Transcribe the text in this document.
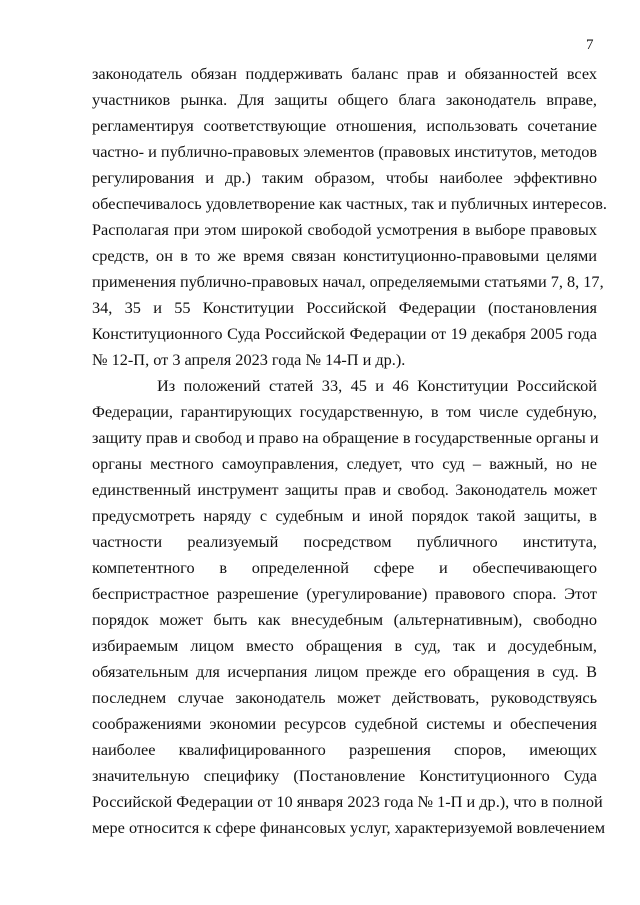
7
законодатель обязан поддерживать баланс прав и обязанностей всех
участников рынка. Для защиты общего блага законодатель вправе,
регламентируя соответствующие отношения, использовать сочетание
частно- и публично-правовых элементов (правовых институтов, методов
регулирования и др.) таким образом, чтобы наиболее эффективно
обеспечивалось удовлетворение как частных, так и публичных интересов.
Располагая при этом широкой свободой усмотрения в выборе правовых
средств, он в то же время связан конституционно-правовыми целями
применения публично-правовых начал, определяемыми статьями 7, 8, 17,
34, 35 и 55 Конституции Российской Федерации (постановления
Конституционного Суда Российской Федерации от 19 декабря 2005 года
№ 12-П, от 3 апреля 2023 года № 14-П и др.).
Из положений статей 33, 45 и 46 Конституции Российской
Федерации, гарантирующих государственную, в том числе судебную,
защиту прав и свобод и право на обращение в государственные органы и
органы местного самоуправления, следует, что суд – важный, но не
единственный инструмент защиты прав и свобод. Законодатель может
предусмотреть наряду с судебным и иной порядок такой защиты, в
частности реализуемый посредством публичного института,
компетентного в определенной сфере и обеспечивающего
беспристрастное разрешение (урегулирование) правового спора. Этот
порядок может быть как внесудебным (альтернативным), свободно
избираемым лицом вместо обращения в суд, так и досудебным,
обязательным для исчерпания лицом прежде его обращения в суд. В
последнем случае законодатель может действовать, руководствуясь
соображениями экономии ресурсов судебной системы и обеспечения
наиболее квалифицированного разрешения споров, имеющих
значительную специфику (Постановление Конституционного Суда
Российской Федерации от 10 января 2023 года № 1-П и др.), что в полной
мере относится к сфере финансовых услуг, характеризуемой вовлечением
